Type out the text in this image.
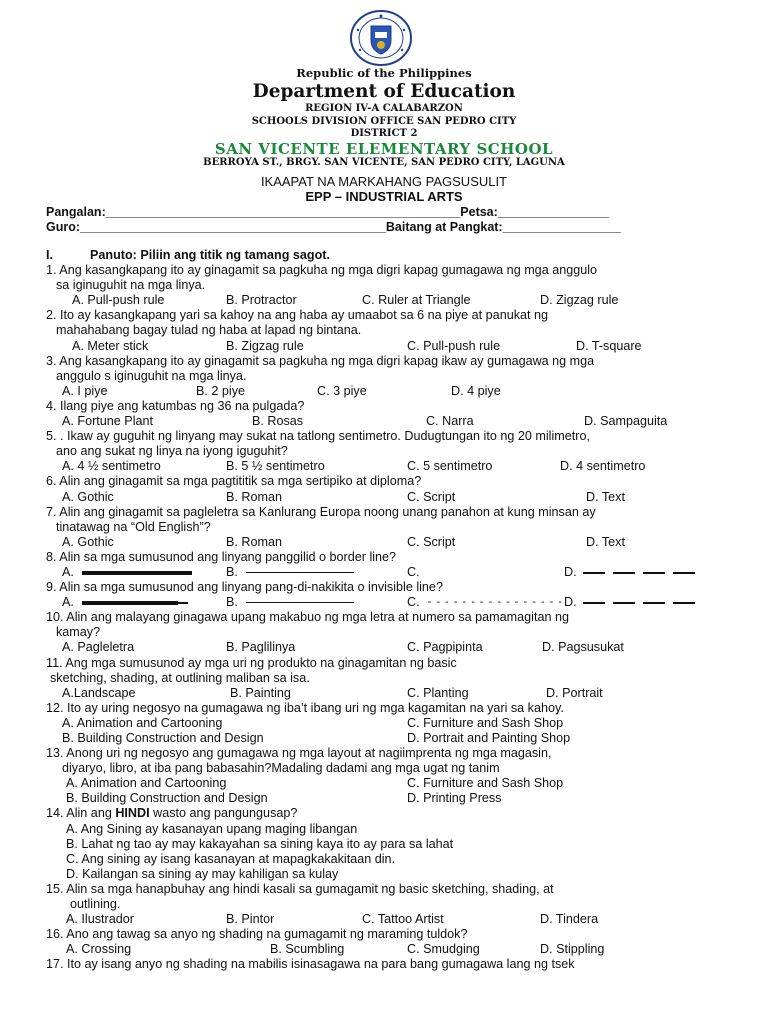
Republic of the Philippines
Department of Education
REGION IV-A CALABARZON
SCHOOLS DIVISION OFFICE SAN PEDRO CITY
DISTRICT 2
SAN VICENTE ELEMENTARY SCHOOL
BERROYA ST., BRGY. SAN VICENTE, SAN PEDRO CITY, LAGUNA
IKAAPAT NA MARKAHANG PAGSUSULIT
EPP – INDUSTRIAL ARTS
Pangalan:___________________________________________________Petsa:________________
Guro:____________________________________________Baitang at Pangkat:_________________
I.	Panuto: Piliin ang titik ng tamang sagot.
1. Ang kasangkapang ito ay ginagamit sa pagkuha ng mga digri kapag gumagawa ng mga anggulo
sa iginuguhit na mga linya.
A. Pull-push rule	B. Protractor	C. Ruler at Triangle	D. Zigzag rule
2. Ito ay kasangkapang yari sa kahoy na ang haba ay umaabot sa 6 na piye at panukat ng
mahahabang bagay tulad ng haba at lapad ng bintana.
A. Meter stick	B. Zigzag rule	C. Pull-push rule	D. T-square
3. Ang kasangkapang ito ay ginagamit sa pagkuha ng mga digri kapag ikaw ay gumagawa ng mga
anggulo s iginuguhit na mga linya.
A. I piye	B. 2 piye	C. 3 piye	D. 4 piye
4. Ilang piye ang katumbas ng 36 na pulgada?
A. Fortune Plant	B. Rosas	C. Narra	D. Sampaguita
5. . Ikaw ay guguhit ng linyang may sukat na tatlong sentimetro. Dudugtungan ito ng 20 milimetro,
ano ang sukat ng linya na iyong iguguhit?
A. 4 ½ sentimetro	B. 5 ½ sentimetro	C. 5 sentimetro	D. 4 sentimetro
6. Alin ang ginagamit sa mga pagtititik sa mga sertipiko at diploma?
A. Gothic	B. Roman	C. Script	D. Text
7. Alin ang ginagamit sa pagleletra sa Kanlurang Europa noong unang panahon at kung minsan ay
tinatawag na “Old English”?
A. Gothic	B. Roman	C. Script	D. Text
8. Alin sa mga sumusunod ang linyang panggilid o border line?
A.	B.	C.	D.
9. Alin sa mga sumusunod ang linyang pang-di-nakikita o invisible line?
A.	B.	C. - - - - - - - - - - - - - - - - D.
10. Alin ang malayang ginagawa upang makabuo ng mga letra at numero sa pamamagitan ng
kamay?
A. Pagleletra	B. Paglilinya	C. Pagpipinta	D. Pagsusukat
11. Ang mga sumusunod ay mga uri ng produkto na ginagamitan ng basic
sketching, shading, at outlining maliban sa isa.
A.Landscape	B. Painting	C. Planting	D. Portrait
12. Ito ay uring negosyo na gumagawa ng iba’t ibang uri ng mga kagamitan na yari sa kahoy.
A. Animation and Cartooning	C. Furniture and Sash Shop
B. Building Construction and Design	D. Portrait and Painting Shop
13. Anong uri ng negosyo ang gumagawa ng mga layout at nagiimprenta ng mga magasin,
diyaryo, libro, at iba pang babasahin?Madaling dadami ang mga ugat ng tanim
A. Animation and Cartooning	C. Furniture and Sash Shop
B. Building Construction and Design	D. Printing Press
14. Alin ang HINDI wasto ang pangungusap?
A. Ang Sining ay kasanayan upang maging libangan
B. Lahat ng tao ay may kakayahan sa sining kaya ito ay para sa lahat
C. Ang sining ay isang kasanayan at mapagkakakitaan din.
D. Kailangan sa sining ay may kahiligan sa kulay
15. Alin sa mga hanapbuhay ang hindi kasali sa gumagamit ng basic sketching, shading, at
outlining.
A. Ilustrador	B. Pintor	C. Tattoo Artist	D. Tindera
16. Ano ang tawag sa anyo ng shading na gumagamit ng maraming tuldok?
A. Crossing	B. Scumbling	C. Smudging	D. Stippling
17. Ito ay isang anyo ng shading na mabilis isinasagawa na para bang gumagawa lang ng tsek
